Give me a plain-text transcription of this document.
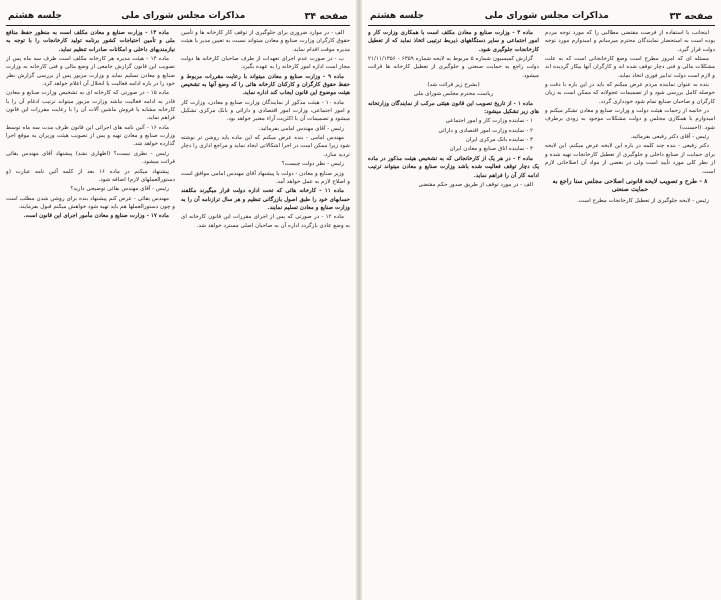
صفحه ۳۴
مذاکرات مجلس شورای ملی
جلسه هشتم

الف - در موارد ضروری برای جلوگیری از توقف کار کارخانه ها و تأمین حقوق کارگران وزارت صنایع و معادن میتواند نسبت به تعیین مدیر یا هیئت مدیره موقت اقدام نماید.

ب - در صورت عدم اجرای تعهدات از طرف صاحبان کارخانه ها دولت مجاز است اداره امور کارخانه را به عهده بگیرد.

ماده ۹ - وزارت صنایع و معادن میتواند با رعایت مقررات مربوط و حفظ حقوق کارگران و کارکنان کارخانه هائی را که وضع آنها به تشخیص هیئت موضوع این قانون ایجاب کند اداره نماید.

ماده ۱۰ - هیئت مذکور از نمایندگان وزارت صنایع و معادن، وزارت کار و امور اجتماعی، وزارت امور اقتصادی و دارائی و بانک مرکزی تشکیل میشود و تصمیمات آن با اکثریت آراء معتبر خواهد بود.

رئیس - آقای مهندس امامی بفرمائید.

مهندس امامی - بنده عرض میکنم که این ماده باید روشن تر نوشته شود زیرا ممکن است در اجرا اشکالاتی ایجاد نماید و مراجع اداری را دچار تردید سازد.

رئیس - نظر دولت چیست؟

وزیر صنایع و معادن - دولت با پیشنهاد آقای مهندس امامی موافق است و اصلاح لازم به عمل خواهد آمد.

ماده ۱۱ - کارخانه هائی که تحت اداره دولت قرار میگیرند مکلفند حسابهای خود را طبق اصول بازرگانی تنظیم و هر سال ترازنامه آن را به وزارت صنایع و معادن تسلیم نمایند.

ماده ۱۲ - در صورتی که پس از اجرای مقررات این قانون کارخانه ای به وضع عادی بازگردد اداره آن به صاحبان اصلی مسترد خواهد شد.

ماده ۱۳ - وزارت صنایع و معادن مکلف است به منظور حفظ منافع ملی و تأمین احتیاجات کشور برنامه تولید کارخانجات را با توجه به نیازمندیهای داخلی و امکانات صادرات تنظیم نماید.

ماده ۱۴ - هیئت مدیره هر کارخانه مکلف است ظرف سه ماه پس از تصویب این قانون گزارش جامعی از وضع مالی و فنی کارخانه به وزارت صنایع و معادن تسلیم نماید و وزارت مزبور پس از بررسی گزارش نظر خود را در باره ادامه فعالیت یا انحلال آن اعلام خواهد کرد.

ماده ۱۵ - در صورتی که کارخانه ای به تشخیص وزارت صنایع و معادن قادر به ادامه فعالیت نباشد وزارت مزبور میتواند ترتیب ادغام آن را با کارخانه مشابه یا فروش ماشین آلات آن را با رعایت مقررات این قانون فراهم نماید.

ماده ۱۶ - آئین نامه های اجرائی این قانون ظرف مدت سه ماه توسط وزارت صنایع و معادن تهیه و پس از تصویب هیئت وزیران به موقع اجرا گذارده خواهد شد.

رئیس - نظری نیست؟ (اظهاری نشد) پیشنهاد آقای مهندس بقائی قرائت میشود.

پیشنهاد میکنم در ماده ۱۶ بعد از کلمه آئین نامه عبارت (و دستورالعملهای لازم) اضافه شود.

رئیس - آقای مهندس بقائی توضیحی دارید؟

مهندس بقائی - عرض کنم پیشنهاد بنده برای روشن شدن مطلب است و چون دستورالعملها هم باید تهیه شود خواهش میکنم قبول بفرمایند.

ماده ۱۷ - وزارت صنایع و معادن مأمور اجرای این قانون است.

صفحه ۳۳
مذاکرات مجلس شورای ملی
جلسه هشتم

اینجانب با استفاده از فرصت مقتضی مطالبی را که مورد توجه مردم بوده است به استحضار نمایندگان محترم میرسانم و امیدوارم مورد توجه دولت قرار گیرد.

مسئله ای که امروز مطرح است وضع کارخانجاتی است که به علت مشکلات مالی و فنی دچار توقف شده اند و کارگران آنها بیکار گردیده اند و لازم است دولت تدابیر فوری اتخاذ نماید.

بنده به عنوان نماینده مردم عرض میکنم که باید در این باره با دقت و حوصله کامل بررسی شود و از تصمیمات عجولانه که ممکن است به زیان کارگران و صاحبان صنایع تمام شود خودداری گردد.

در خاتمه از زحمات هیئت دولت و وزارت صنایع و معادن تشکر میکنم و امیدوارم با همکاری مجلس و دولت مشکلات موجود به زودی برطرف شود. (احسنت)

رئیس - آقای دکتر رفیعی بفرمائید.

دکتر رفیعی - بنده چند کلمه در باره این لایحه عرض میکنم. این لایحه برای حمایت از صنایع داخلی و جلوگیری از تعطیل کارخانجات تهیه شده و از نظر کلی مورد تأیید است ولی در بعضی از مواد آن اصلاحاتی لازم است.

۸ - طرح و تصویب لایحه قانونی اصلاحی مجلس سنا راجع به حمایت صنعتی

رئیس - لایحه جلوگیری از تعطیل کارخانجات مطرح است.

ماده ۳ - وزارت صنایع و معادن مکلف است با همکاری وزارت کار و امور اجتماعی و سایر دستگاههای ذیربط ترتیبی اتخاذ نماید که از تعطیل کارخانجات جلوگیری شود.

گزارش کمیسیون شماره ۵ مربوط به لایحه شماره ۶۳۵۹ - ۲۱/۱۱/۱۳۵۶ دولت راجع به حمایت صنعتی و جلوگیری از تعطیل کارخانه ها قرائت میشود.

(بشرح زیر قرائت شد)

ریاست محترم مجلس شورای ملی

ماده ۱ - از تاریخ تصویب این قانون هیئتی مرکب از نمایندگان وزارتخانه های زیر تشکیل میشود:

۱ - نماینده وزارت کار و امور اجتماعی

۲ - نماینده وزارت امور اقتصادی و دارائی

۳ - نماینده بانک مرکزی ایران

۴ - نماینده اتاق صنایع و معادن ایران

ماده ۲ - در هر یک از کارخانجاتی که به تشخیص هیئت مذکور در ماده یک دچار توقف فعالیت شده باشد وزارت صنایع و معادن میتواند ترتیب ادامه کار آن را فراهم نماید.

الف - در مورد توقف از طریق صدور حکم مقتضی
